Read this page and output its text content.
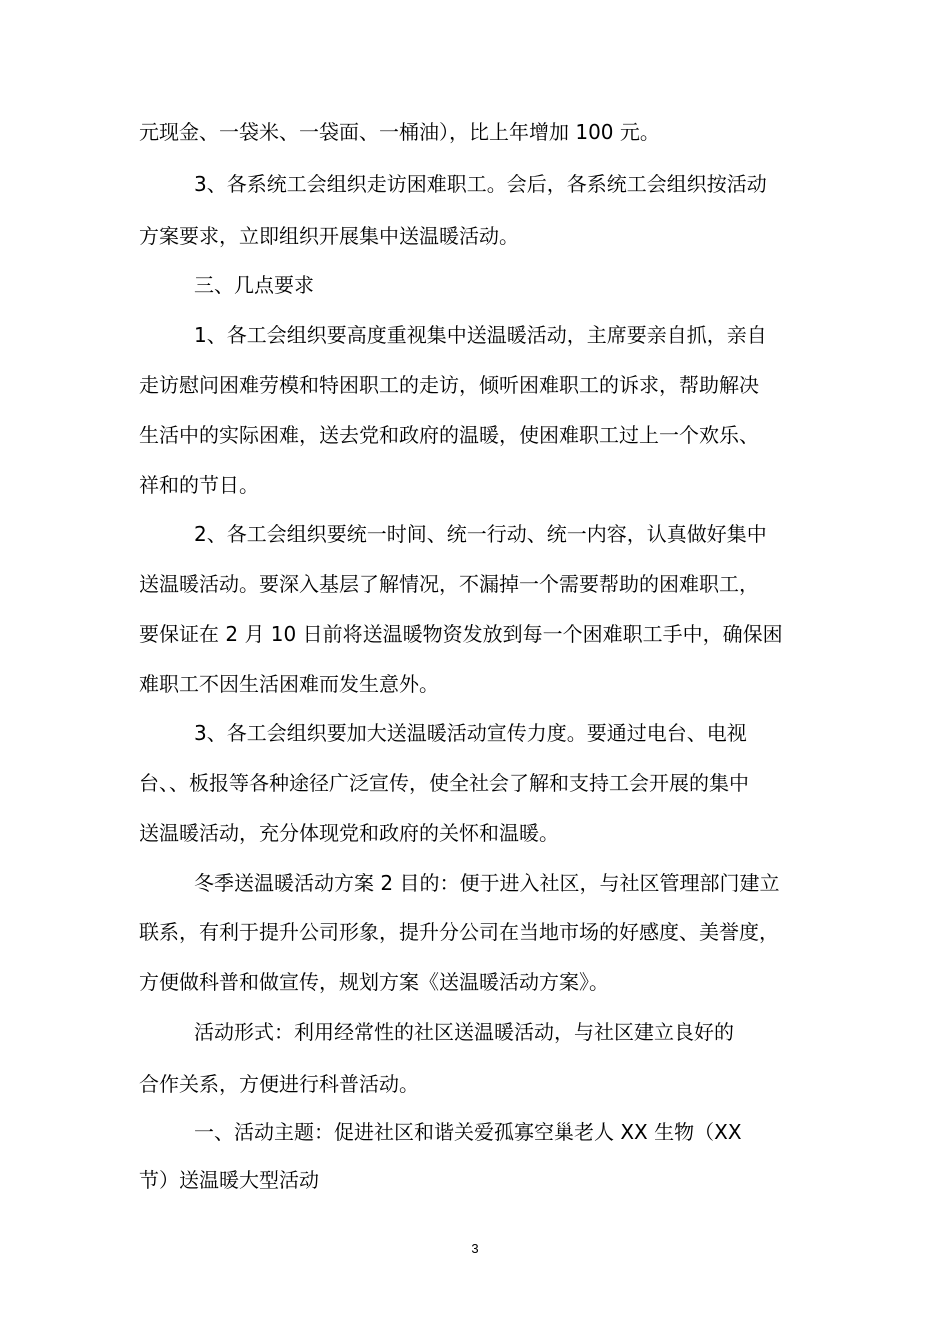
元现金、一袋米、一袋面、一桶油），比上年增加 100 元。

3、各系统工会组织走访困难职工。会后，各系统工会组织按活动

方案要求，立即组织开展集中送温暖活动。

三、几点要求

1、各工会组织要高度重视集中送温暖活动，主席要亲自抓，亲自

走访慰问困难劳模和特困职工的走访，倾听困难职工的诉求，帮助解决

生活中的实际困难，送去党和政府的温暖，使困难职工过上一个欢乐、

祥和的节日。

2、各工会组织要统一时间、统一行动、统一内容，认真做好集中

送温暖活动。要深入基层了解情况，不漏掉一个需要帮助的困难职工，

要保证在 2 月 10 日前将送温暖物资发放到每一个困难职工手中，确保困

难职工不因生活困难而发生意外。

3、各工会组织要加大送温暖活动宣传力度。要通过电台、电视

台、、板报等各种途径广泛宣传，使全社会了解和支持工会开展的集中

送温暖活动，充分体现党和政府的关怀和温暖。

冬季送温暖活动方案 2 目的：便于进入社区，与社区管理部门建立

联系，有利于提升公司形象，提升分公司在当地市场的好感度、美誉度，

方便做科普和做宣传，规划方案《送温暖活动方案》。

活动形式：利用经常性的社区送温暖活动，与社区建立良好的

合作关系，方便进行科普活动。

一、活动主题：促进社区和谐关爱孤寡空巢老人 XX 生物（XX

节）送温暖大型活动

3
